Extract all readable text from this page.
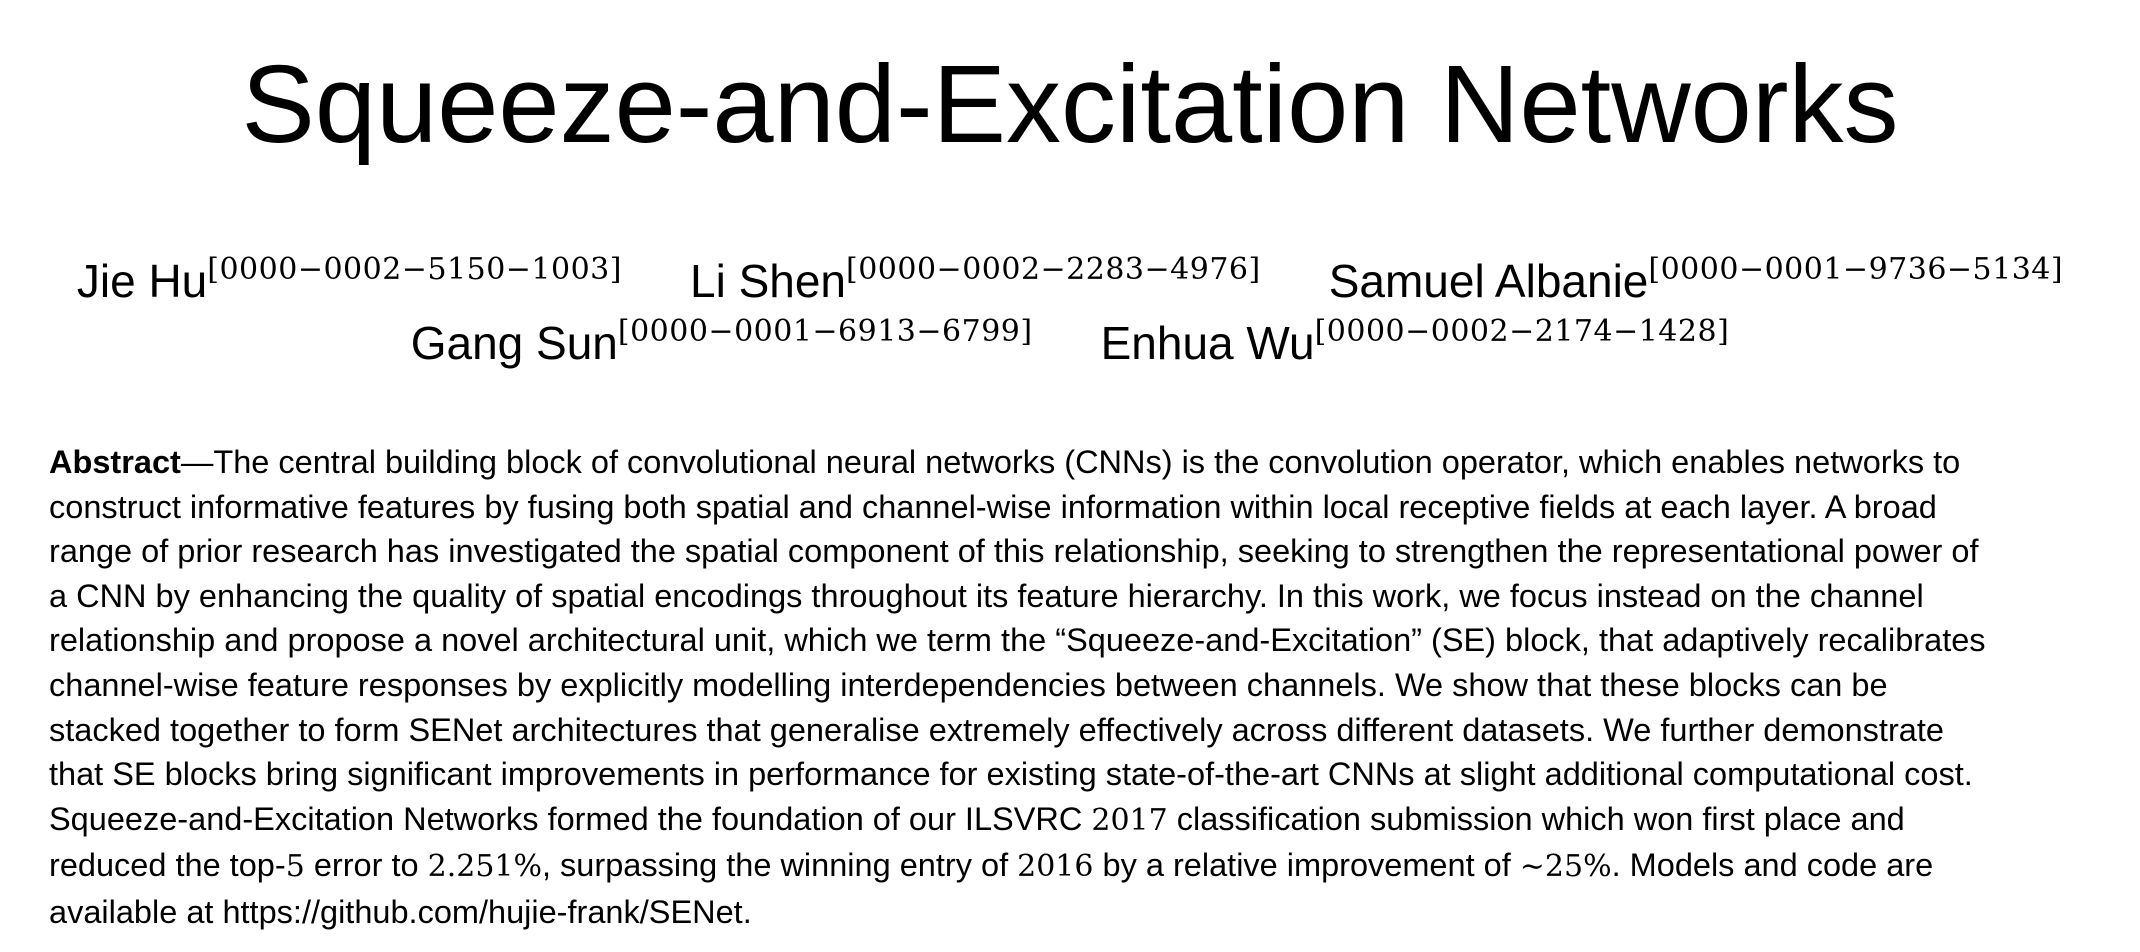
Squeeze-and-Excitation Networks
Jie Hu[0000−0002−5150−1003] Li Shen[0000−0002−2283−4976] Samuel Albanie[0000−0001−9736−5134]
Gang Sun[0000−0001−6913−6799] Enhua Wu[0000−0002−2174−1428]
Abstract—The central building block of convolutional neural networks (CNNs) is the convolution operator, which enables networks to
construct informative features by fusing both spatial and channel-wise information within local receptive fields at each layer. A broad
range of prior research has investigated the spatial component of this relationship, seeking to strengthen the representational power of
a CNN by enhancing the quality of spatial encodings throughout its feature hierarchy. In this work, we focus instead on the channel
relationship and propose a novel architectural unit, which we term the “Squeeze-and-Excitation” (SE) block, that adaptively recalibrates
channel-wise feature responses by explicitly modelling interdependencies between channels. We show that these blocks can be
stacked together to form SENet architectures that generalise extremely effectively across different datasets. We further demonstrate
that SE blocks bring significant improvements in performance for existing state-of-the-art CNNs at slight additional computational cost.
Squeeze-and-Excitation Networks formed the foundation of our ILSVRC 2017 classification submission which won first place and
reduced the top-5 error to 2.251%, surpassing the winning entry of 2016 by a relative improvement of ∼25%. Models and code are
available at https://github.com/hujie-frank/SENet.
